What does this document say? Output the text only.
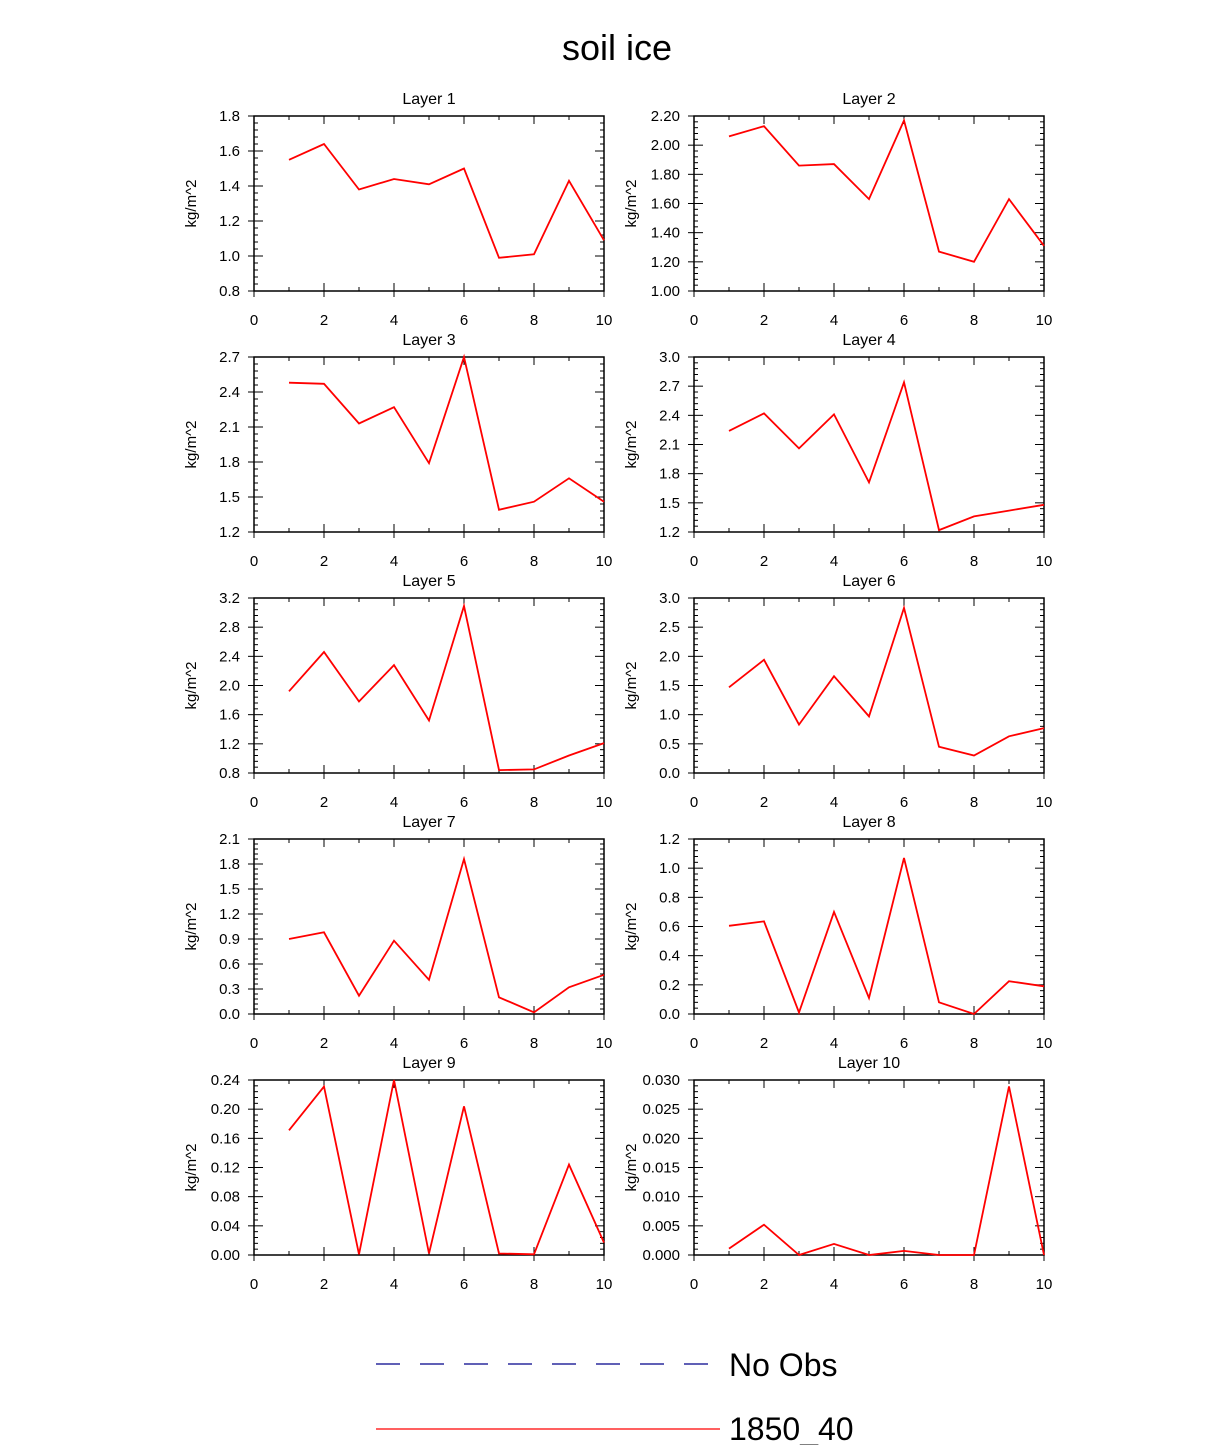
soil ice
0	2	4	6	8	10
0.8
1.0
1.2
1.4
1.6
1.8
Layer 1
kg/m^2
0	2	4	6	8	10
1.00
1.20
1.40
1.60
1.80
2.00
2.20
Layer 2
kg/m^2
0	2	4	6	8	10
1.2
1.5
1.8
2.1
2.4
2.7
Layer 3
kg/m^2
0	2	4	6	8	10
1.2
1.5
1.8
2.1
2.4
2.7
3.0
Layer 4
kg/m^2
0	2	4	6	8	10
0.8
1.2
1.6
2.0
2.4
2.8
3.2
Layer 5
kg/m^2
0	2	4	6	8	10
0.0
0.5
1.0
1.5
2.0
2.5
3.0
Layer 6
kg/m^2
0	2	4	6	8	10
0.0
0.3
0.6
0.9
1.2
1.5
1.8
2.1
Layer 7
kg/m^2
0	2	4	6	8	10
0.0
0.2
0.4
0.6
0.8
1.0
1.2
Layer 8
kg/m^2
0	2	4	6	8	10
0.00
0.04
0.08
0.12
0.16
0.20
0.24
Layer 9
kg/m^2
0	2	4	6	8	10
0.000
0.005
0.010
0.015
0.020
0.025
0.030
Layer 10
kg/m^2
No Obs
1850_40
